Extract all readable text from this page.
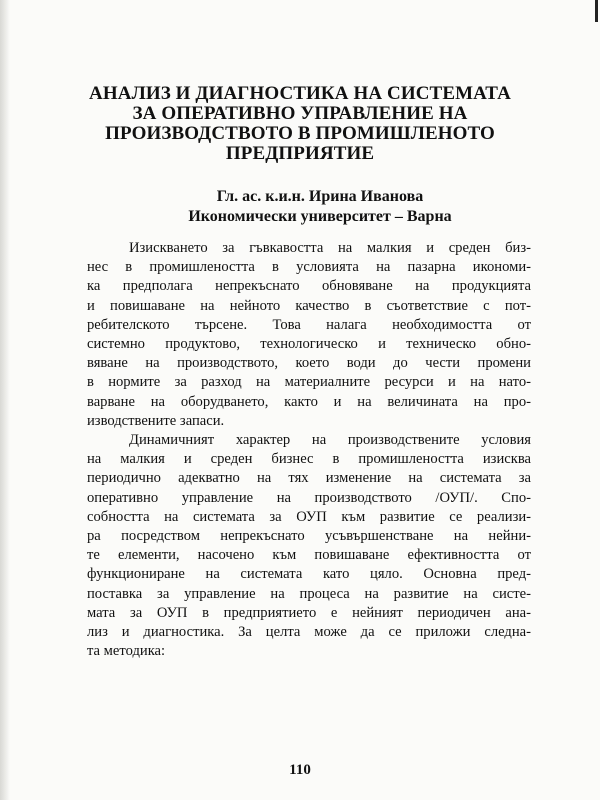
АНАЛИЗ И ДИАГНОСТИКА НА СИСТЕМАТА
ЗА ОПЕРАТИВНО УПРАВЛЕНИЕ НА
ПРОИЗВОДСТВОТО В ПРОМИШЛЕНОТО
ПРЕДПРИЯТИЕ
Гл. ас. к.и.н. Ирина Иванова
Икономически университет – Варна
Изискването за гъвкавостта на малкия и среден биз-
нес в промишлеността в условията на пазарна икономи-
ка предполага непрекъснато обновяване на продукцията
и повишаване на нейното качество в съответствие с пот-
ребителското търсене. Това налага необходимостта от
системно продуктово, технологическо и техническо обно-
вяване на производството, което води до чести промени
в нормите за разход на материалните ресурси и на нато-
варване на оборудването, както и на величината на про-
изводствените запаси.
Динамичният характер на производствените условия
на малкия и среден бизнес в промишлеността изисква
периодично адекватно на тях изменение на системата за
оперативно управление на производството /ОУП/. Спо-
собността на системата за ОУП към развитие се реализи-
ра посредством непрекъснато усъвършенстване на нейни-
те елементи, насочено към повишаване ефективността от
функциониране на системата като цяло. Основна пред-
поставка за управление на процеса на развитие на систе-
мата за ОУП в предприятието е нейният периодичен ана-
лиз и диагностика. За целта може да се приложи следна-
та методика:
110
